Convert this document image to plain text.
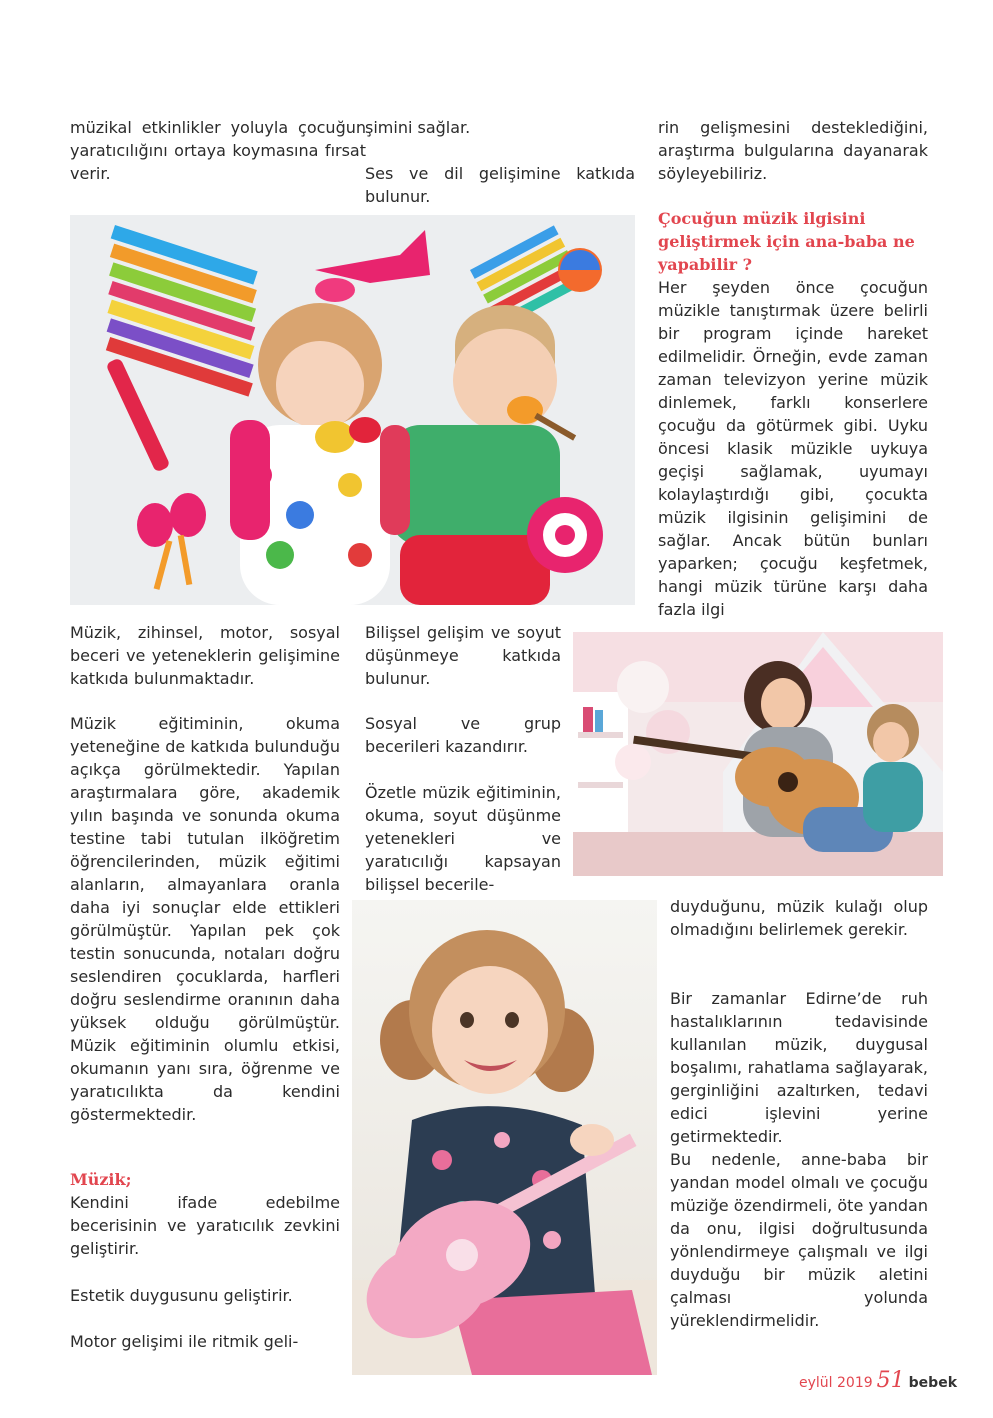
müzikal etkinlikler yoluyla çocuğun yaratıcılığını ortaya koymasına fırsat verir.

Müzik, zihinsel, motor, sosyal beceri ve yeteneklerin gelişimine katkıda bulunmaktadır.

Müzik eğitiminin, okuma yeteneğine de katkıda bulunduğu açıkça görülmektedir. Yapılan araştırmalara göre, akademik yılın başında ve sonunda okuma testine tabi tutulan ilköğretim öğrencilerinden, müzik eğitimi alanların, almayanlara oranla daha iyi sonuçlar elde ettikleri görülmüştür. Yapılan pek çok testin sonucunda, notaları doğru seslendiren çocuklarda, harfleri doğru seslendirme oranının daha yüksek olduğu görülmüştür. Müzik eğitiminin olumlu etkisi, okumanın yanı sıra, öğrenme ve yaratıcılıkta da kendini göstermektedir.

Müzik;

Kendini ifade edebilme becerisinin ve yaratıcılık zevkini geliştirir.

Estetik duygusunu geliştirir.

Motor gelişimi ile ritmik geli-

şimini sağlar.

Ses ve dil gelişimine katkıda bulunur.

Bilişsel gelişim ve soyut düşünmeye katkıda bulunur.

Sosyal ve grup becerileri kazandırır.

Özetle müzik eğitiminin, okuma, soyut düşünme yetenekleri ve yaratıcılığı kapsayan bilişsel becerile-

rin gelişmesini desteklediğini, araştırma bulgularına dayanarak söyleyebiliriz.

Çocuğun müzik ilgisini geliştirmek için ana-baba ne yapabilir ?

Her şeyden önce çocuğun müzikle tanıştırmak üzere belirli bir program içinde hareket edilmelidir. Örneğin, evde zaman zaman televizyon yerine müzik dinlemek, farklı konserlere çocuğu da götürmek gibi. Uyku öncesi klasik müzikle uykuya geçişi sağlamak, uyumayı kolaylaştırdığı gibi, çocukta müzik ilgisinin gelişimini de sağlar. Ancak bütün bunları yaparken; çocuğu keşfetmek, hangi müzik türüne karşı daha fazla ilgi

duyduğunu, müzik kulağı olup olmadığını belirlemek gerekir.

Bir zamanlar Edirne’de ruh hastalıklarının tedavisinde kullanılan müzik, duygusal boşalımı, rahatlama sağlayarak, gerginliğini azaltırken, tedavi edici işlevini yerine getirmektedir.

Bu nedenle, anne-baba bir yandan model olmalı ve çocuğu müziğe özendirmeli, öte yandan da onu, ilgisi doğrultusunda yönlendirmeye çalışmalı ve ilgi duyduğu bir müzik aletini çalması yolunda yüreklendirmelidir.

eylül 2019 51 bebek
